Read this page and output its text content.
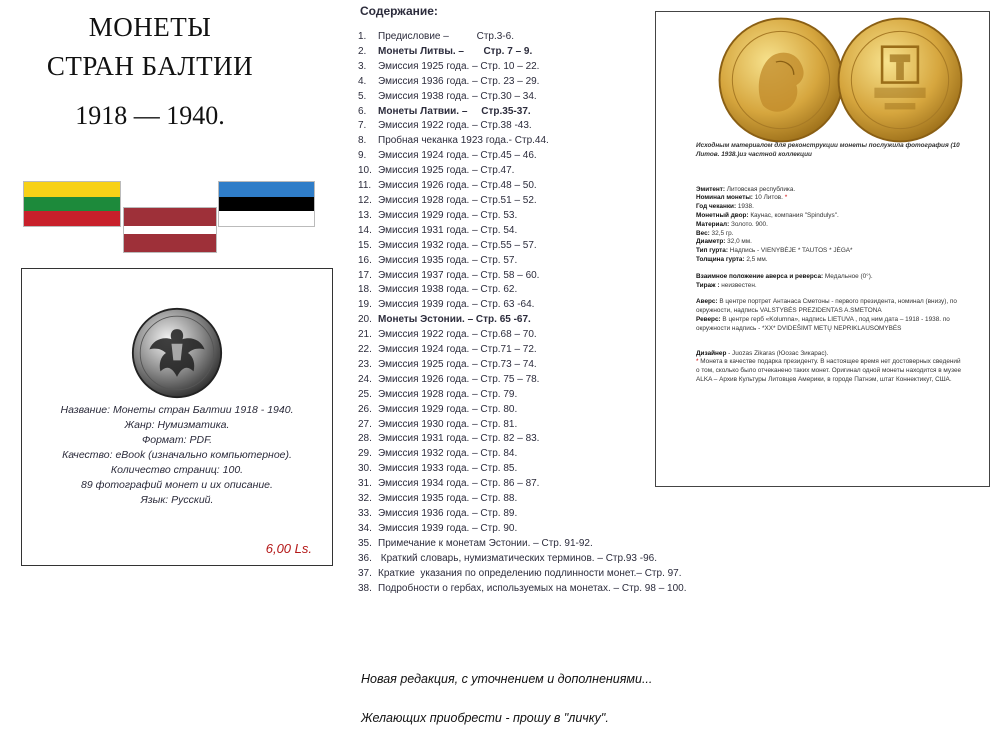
МОНЕТЫ
СТРАН БАЛТИИ
1918 — 1940.
Название: Монеты стран Балтии 1918 - 1940.
Жанр: Нумизматика.
Формат: PDF.
Качество: eBook (изначально компьютерное).
Количество страниц: 100.
89 фотографий монет и их описание.
Язык: Русский.
6,00 Ls.
Содержание:
1.	Предисловие –          Стр.3-6.
2.	Монеты Литвы. –       Стр. 7 – 9.
3.	Эмиссия 1925 года. – Стр. 10 – 22.
4.	Эмиссия 1936 года. – Стр. 23 – 29.
5.	Эмиссия 1938 года. – Стр.30 – 34.
6.	Монеты Латвии. –     Стр.35-37.
7.	Эмиссия 1922 года. – Стр.38 -43.
8.	Пробная чеканка 1923 года.- Стр.44.
9.	Эмиссия 1924 года. – Стр.45 – 46.
10. Эмиссия 1925 года. – Стр.47.
11. Эмиссия 1926 года. – Стр.48 – 50.
12. Эмиссия 1928 года. – Стр.51 – 52.
13. Эмиссия 1929 года. – Стр. 53.
14. Эмиссия 1931 года. – Стр. 54.
15. Эмиссия 1932 года. – Стр.55 – 57.
16. Эмиссия 1935 года. – Стр. 57.
17. Эмиссия 1937 года. – Стр. 58 – 60.
18. Эмиссия 1938 года. – Стр. 62.
19. Эмиссия 1939 года. – Стр. 63 -64.
20. Монеты Эстонии. – Стр. 65 -67.
21. Эмиссия 1922 года. – Стр.68 – 70.
22. Эмиссия 1924 года. – Стр.71 – 72.
23. Эмиссия 1925 года. – Стр.73 – 74.
24. Эмиссия 1926 года. – Стр. 75 – 78.
25. Эмиссия 1928 года. – Стр. 79.
26. Эмиссия 1929 года. – Стр. 80.
27. Эмиссия 1930 года. – Стр. 81.
28. Эмиссия 1931 года. – Стр. 82 – 83.
29. Эмиссия 1932 года. – Стр. 84.
30. Эмиссия 1933 года. – Стр. 85.
31. Эмиссия 1934 года. – Стр. 86 – 87.
32. Эмиссия 1935 года. – Стр. 88.
33. Эмиссия 1936 года. – Стр. 89.
34. Эмиссия 1939 года. – Стр. 90.
35. Примечание к монетам Эстонии. – Стр. 91-92.
36. Краткий словарь, нумизматических терминов. – Стр.93 -96.
37. Краткие  указания по определению подлинности монет.– Стр. 97.
38. Подробности о гербах, используемых на монетах. – Стр. 98 – 100.

Исходным материалом для реконструкции монеты послужила фотография (10 Литов. 1938.)из частной коллекции

Эмитент: Литовская республика.

Номинал монеты: 10 Литов. *

Год чеканки: 1938.

Монетный двор: Каунас, компания "Spindulys".

Материал: Золото. 900.

Вес: 32,5 гр.

Диаметр: 32,0 мм.

Тип гурта: Надпись - VIENYBĖJE * TAUTOS * JĖGA*

Толщина гурта: 2,5 мм.

Взаимное положение аверса и реверса: Медальное (0°).

Тираж : неизвестен.

Аверс: В центре портрет Антанаса Сметоны - первого президента, номинал (внизу), по окружности, надпись VALSTYBĖS PREZIDENTAS A.SMETONA

Реверс: В центре герб «Kolumna», надпись LIETUVA , под ним дата – 1918 - 1938. по окружности надпись - *XX* DVIDEŠIMT METŲ NEPRIKLAUSOMYBĖS

Дизайнер - Juozas Zikaras (Юозас Зикарас).

* Монета в качестве подарка президенту. В настоящее время нет достоверных сведений о том, сколько было отчеканено таких монет. Оригинал одной монеты находится в музее ALKA – Архив Культуры Литовцев Америки, в городе Патнэм, штат Коннектикут, США.

Новая редакция, с уточнением и дополнениями...
Желающих приобрести - прошу в "личку".
